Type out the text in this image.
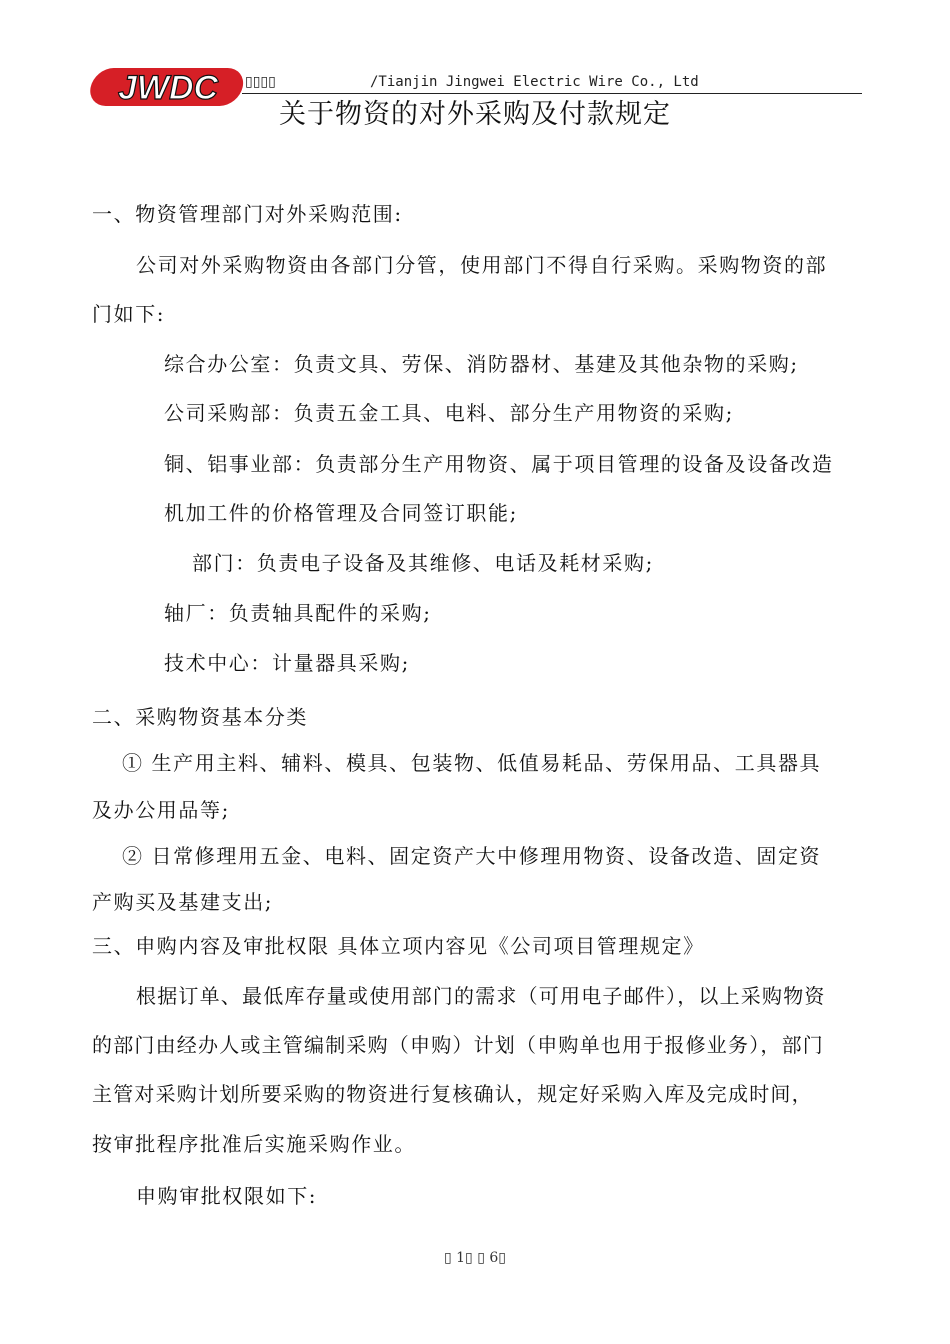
JWDC ▯▯▯▯	/Tianjin Jingwei Electric Wire Co., Ltd
关于物资的对外采购及付款规定
一、物资管理部门对外采购范围:
公司对外采购物资由各部门分管，使用部门不得自行采购。采购物资的部
门如下:
综合办公室：负责文具、劳保、消防器材、基建及其他杂物的采购;
公司采购部：负责五金工具、电料、部分生产用物资的采购;
铜、铝事业部：负责部分生产用物资、属于项目管理的设备及设备改造
机加工件的价格管理及合同签订职能;
部门：负责电子设备及其维修、电话及耗材采购;
轴厂：负责轴具配件的采购;
技术中心：计量器具采购;
二、采购物资基本分类
① 生产用主料、辅料、模具、包装物、低值易耗品、劳保用品、工具器具
及办公用品等;
② 日常修理用五金、电料、固定资产大中修理用物资、设备改造、固定资
产购买及基建支出;
三、申购内容及审批权限 具体立项内容见《公司项目管理规定》
根据订单、最低库存量或使用部门的需求（可用电子邮件），以上采购物资
的部门由经办人或主管编制采购（申购）计划（申购单也用于报修业务），部门
主管对采购计划所要采购的物资进行复核确认，规定好采购入库及完成时间，
按审批程序批准后实施采购作业。
申购审批权限如下:
▯ 1▯ ▯ 6▯
